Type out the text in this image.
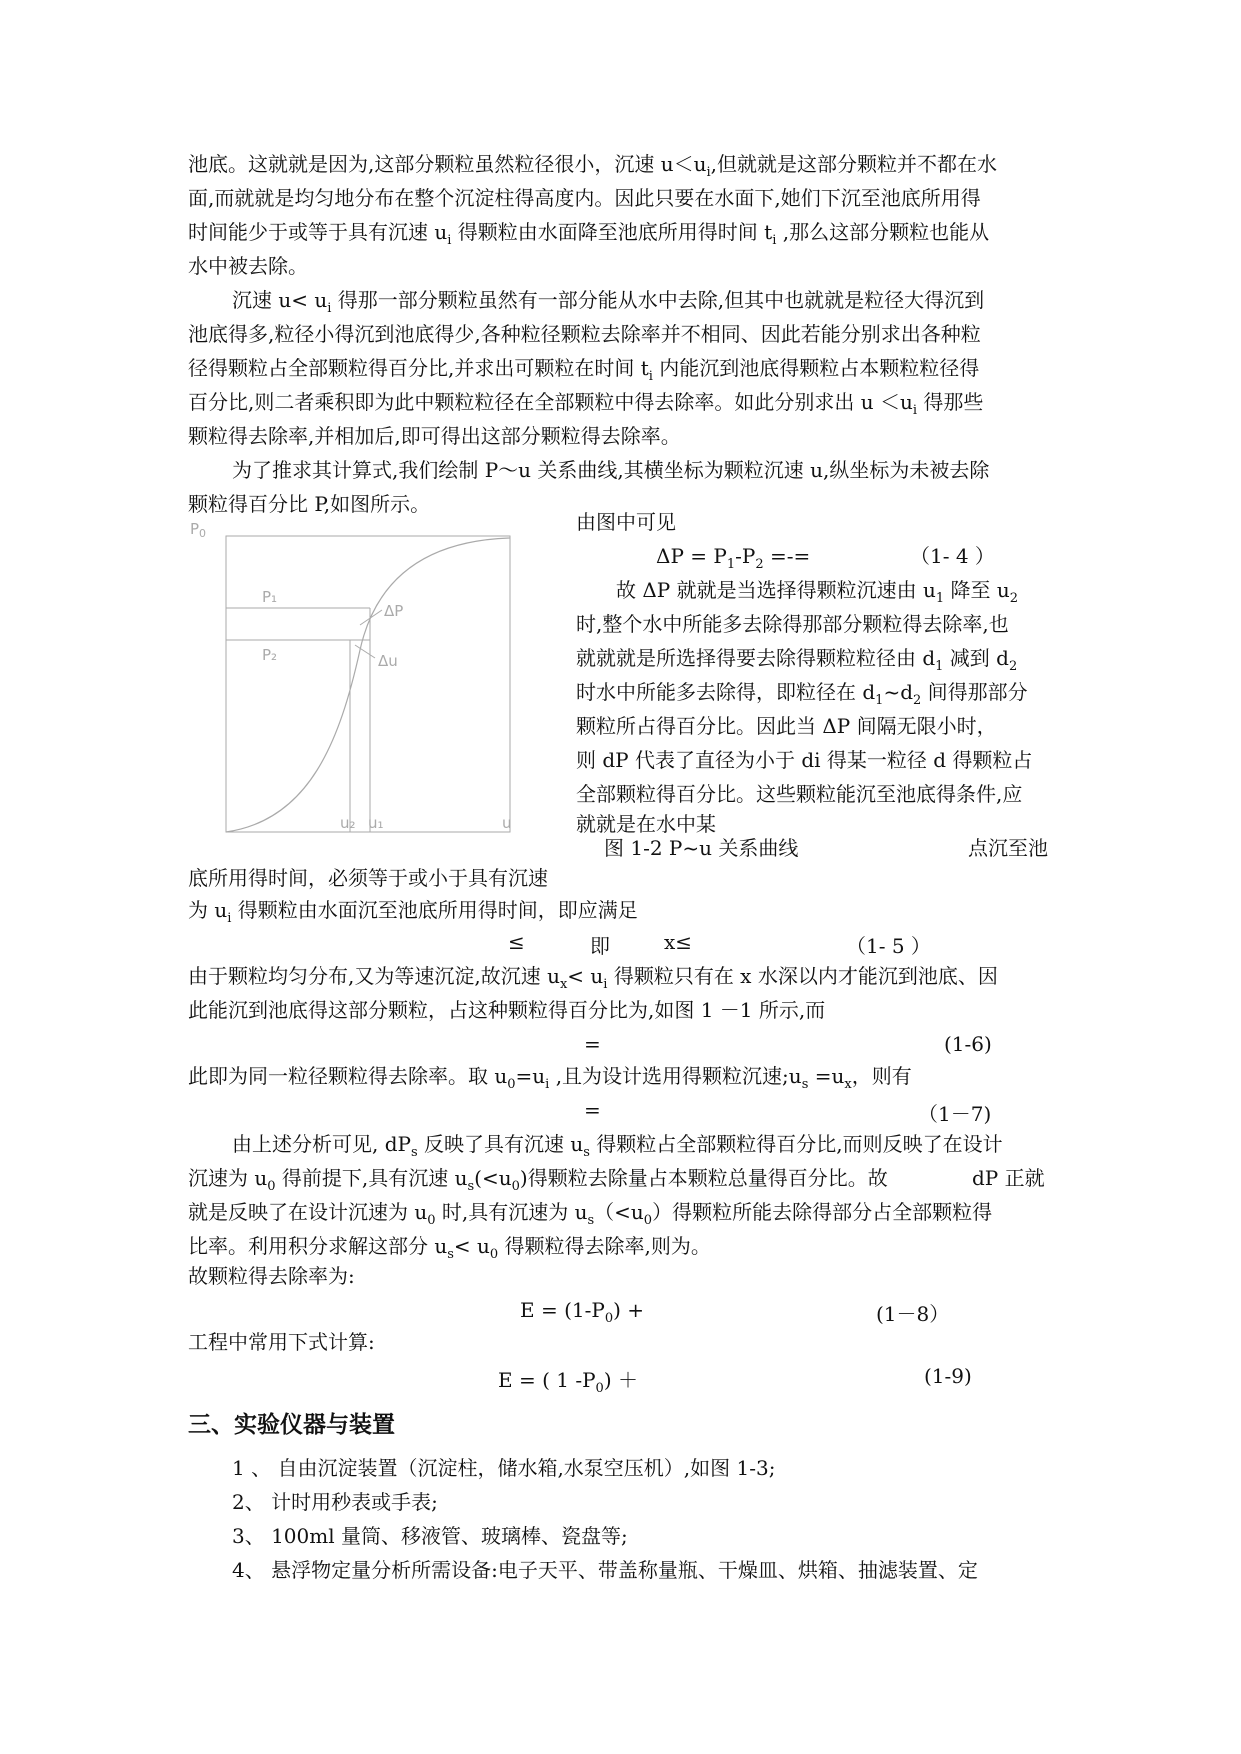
池底。这就就是因为,这部分颗粒虽然粒径很小，沉速 $u<u_i$,但就就是这部分颗粒并不都在水
面,而就就是均匀地分布在整个沉淀柱得高度内。因此只要在水面下,她们下沉至池底所用得
时间能少于或等于具有沉速 $u_i$ 得颗粒由水面降至池底所用得时间 $t_i$ ,那么这部分颗粒也能从
水中被去除。
沉速 $u< u_i$ 得那一部分颗粒虽然有一部分能从水中去除,但其中也就就是粒径大得沉到
池底得多,粒径小得沉到池底得少,各种粒径颗粒去除率并不相同、因此若能分别求出各种粒
径得颗粒占全部颗粒得百分比,并求出可颗粒在时间 $t_i$ 内能沉到池底得颗粒占本颗粒粒径得
百分比,则二者乘积即为此中颗粒粒径在全部颗粒中得去除率。如此分别求出 $u <u_i$ 得那些
颗粒得去除率,并相加后,即可得出这部分颗粒得去除率。
为了推求其计算式,我们绘制 P～u 关系曲线,其横坐标为颗粒沉速 u,纵坐标为未被去除
颗粒得百分比 P,如图所示。
$P_0$
P₁
P₂
ΔP
Δu
u₂ u₁	u
图 1-2 P~u 关系曲线
由图中可见
$\Delta P = P_1-P_2$ =-=	（1- 4 ）
故 ΔP 就就是当选择得颗粒沉速由 $u_1$ 降至 $u_2$
时,整个水中所能多去除得那部分颗粒得去除率,也
就就就是所选择得要去除得颗粒粒径由 $d_1$ 减到 $d_2$
时水中所能多去除得，即粒径在 $d_1\sim d_2$ 间得那部分
颗粒所占得百分比。因此当 ΔP 间隔无限小时，
则 dP 代表了直径为小于 di 得某一粒径 d 得颗粒占
全部颗粒得百分比。这些颗粒能沉至池底得条件,应
就就是在水中某
点沉至池
底所用得时间，必须等于或小于具有沉速
为 $u_i$ 得颗粒由水面沉至池底所用得时间，即应满足
≤	即	x≤	（1- 5 ）
由于颗粒均匀分布,又为等速沉淀,故沉速 $u_x< u_i$ 得颗粒只有在 x 水深以内才能沉到池底、因
此能沉到池底得这部分颗粒，占这种颗粒得百分比为,如图 1 －1 所示,而
=	(1-6)
此即为同一粒径颗粒得去除率。取 $u_0=u_i$ ,且为设计选用得颗粒沉速$;u_s =u_x$，则有
=	（1－7)
由上述分析可见, $dP_s$ 反映了具有沉速 $u_s$ 得颗粒占全部颗粒得百分比,而则反映了在设计
沉速为 $u_0$ 得前提下,具有沉速 $u_s(<u_0)$得颗粒去除量占本颗粒总量得百分比。故	dP 正就
就是反映了在设计沉速为 $u_0$ 时,具有沉速为 $u_s(<u_0)$得颗粒所能去除得部分占全部颗粒得
比率。利用积分求解这部分 $u_s< u_0$ 得颗粒得去除率,则为。
故颗粒得去除率为:
$E = (1-P_0)$ +	(1－8）
工程中常用下式计算:
E = ( 1 $-P_0$) ＋	(1-9)
三、实验仪器与装置
1 、 自由沉淀装置（沉淀柱，储水箱,水泵空压机）,如图 1-3;
2、 计时用秒表或手表;
3、 100ml 量筒、移液管、玻璃棒、瓷盘等;
4、 悬浮物定量分析所需设备:电子天平、带盖称量瓶、干燥皿、烘箱、抽滤装置、定
